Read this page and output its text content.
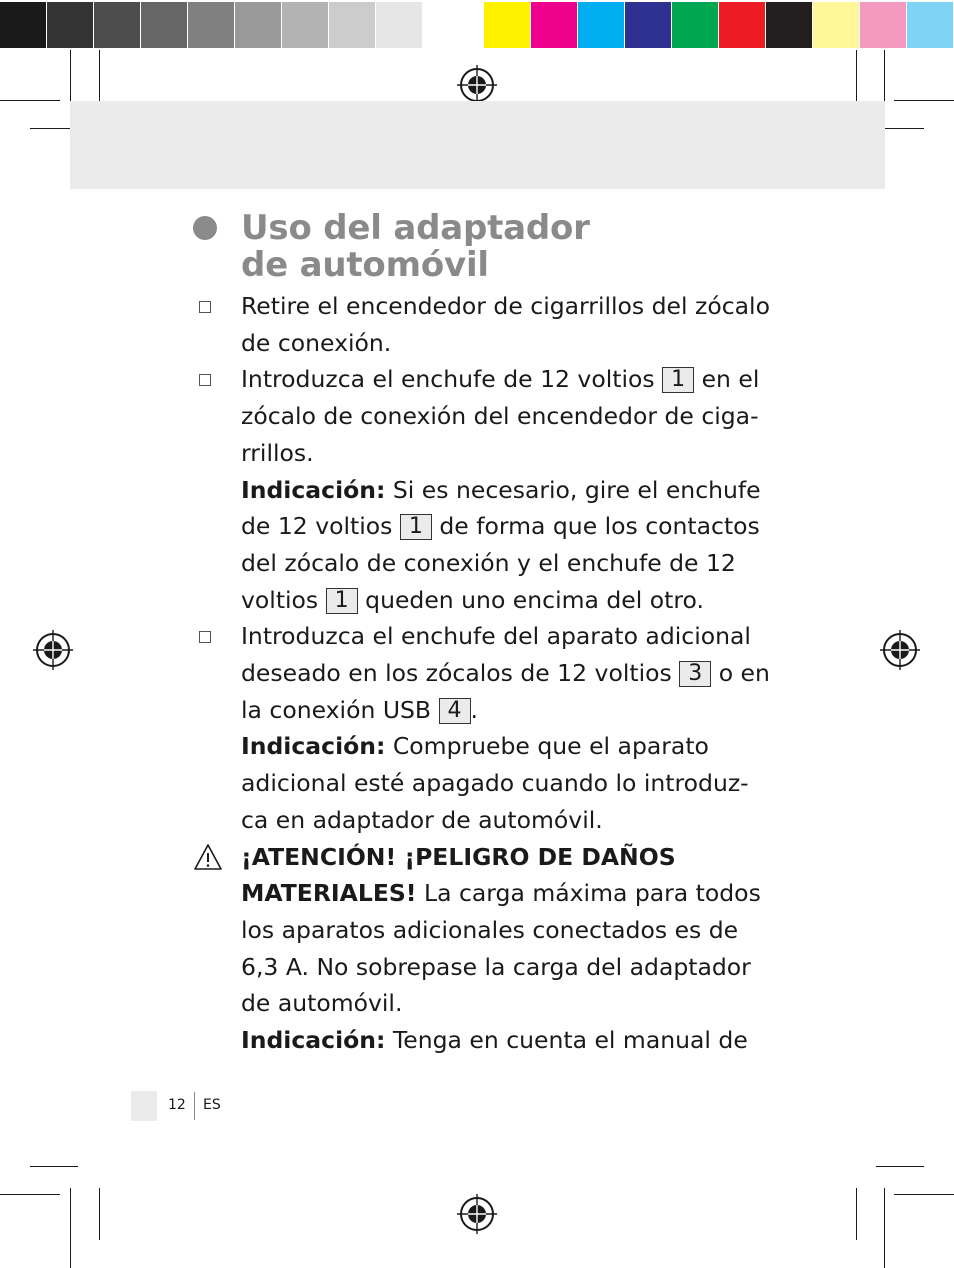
Uso del adaptador
de automóvil

Retire el encendedor de cigarrillos del zócalo de conexión.

Introduzca el enchufe de 12 voltios 1 en el zócalo de conexión del encendedor de ciga-rrillos.

Indicación: Si es necesario, gire el enchufe de 12 voltios 1 de forma que los contactos del zócalo de conexión y el enchufe de 12 voltios 1 queden uno encima del otro.

Introduzca el enchufe del aparato adicional deseado en los zócalos de 12 voltios 3 o en la conexión USB 4 .

Indicación: Compruebe que el aparato adicional esté apagado cuando lo introduz-ca en adaptador de automóvil.

¡ATENCIÓN! ¡PELIGRO DE DAÑOS MATERIALES! La carga máxima para todos los aparatos adicionales conectados es de 6,3 A. No sobrepase la carga del adaptador de automóvil.

Indicación: Tenga en cuenta el manual de

12 ES
